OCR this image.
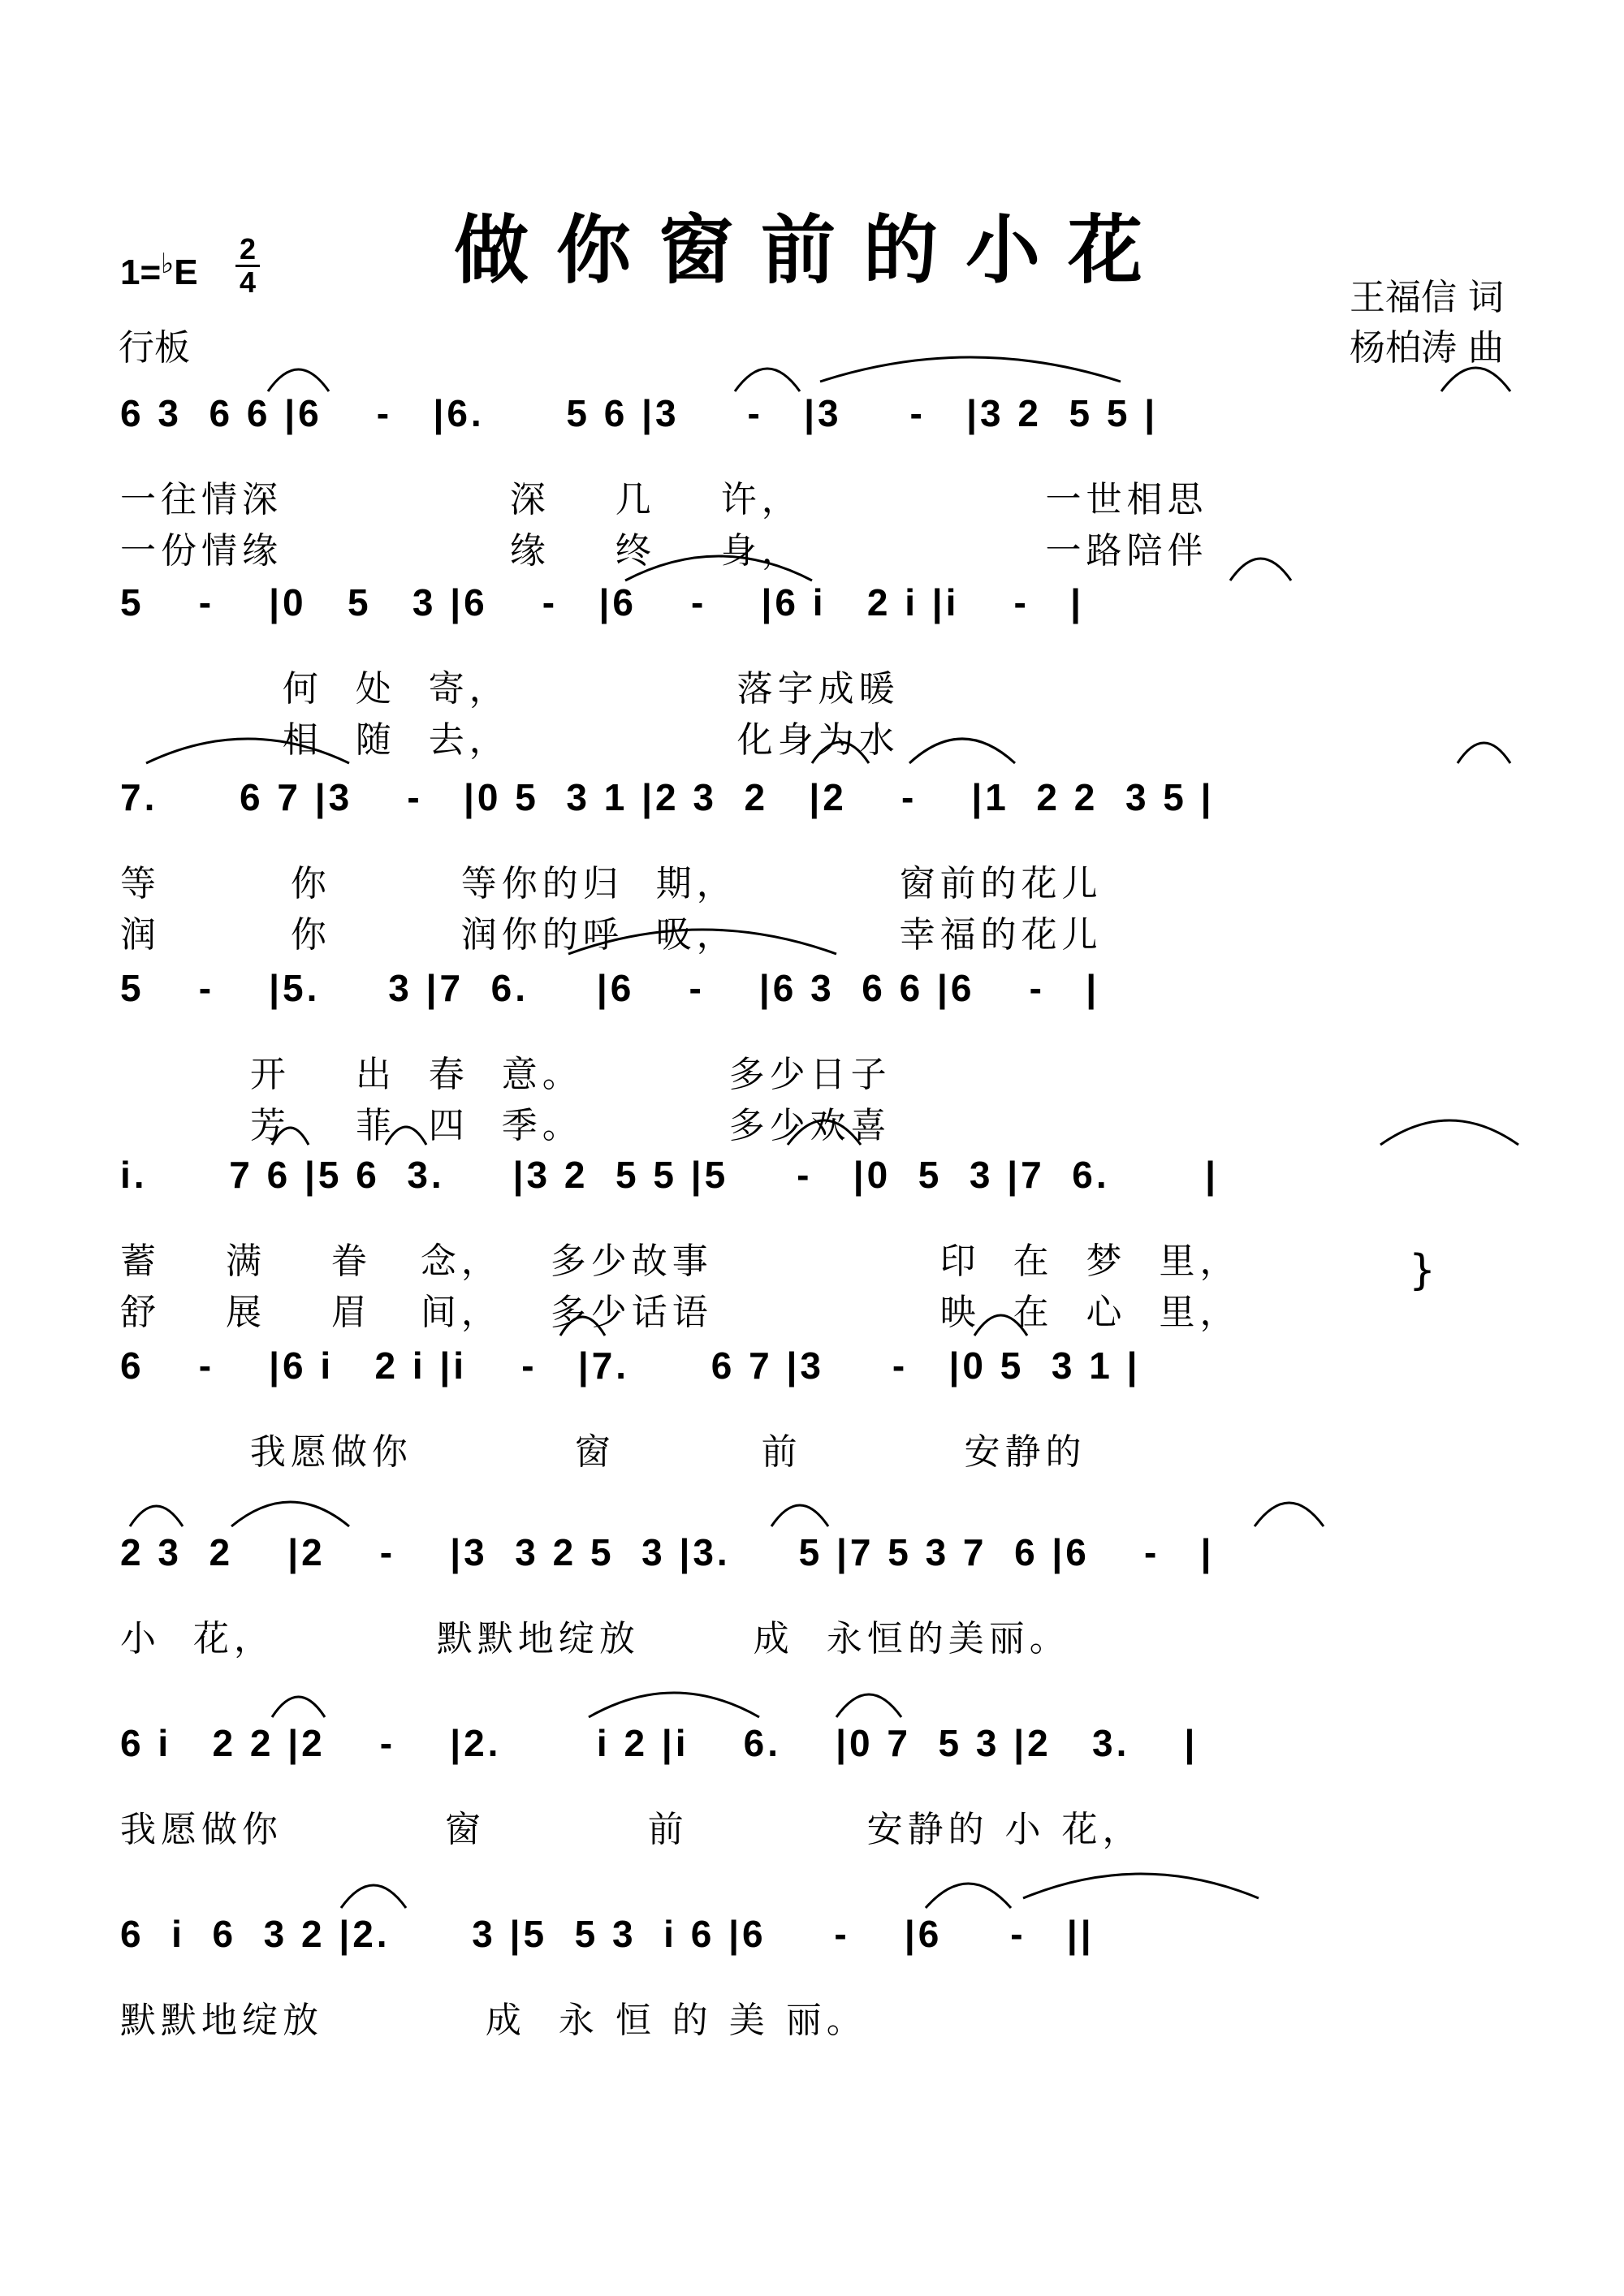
做你窗前的小花
1=♭E
2
4
行板
王福信 词
杨柏涛 曲
6 3  6 6 |6    -   |6.      5 6 |3     -   |3     -   |3 2  5 5 |
一往情深              深    几    许，               一世相思
一份情缘              缘    终    身，               一路陪伴
5    -    |0   5   3 |6    -   |6    -    |6 i   2 i |i    -   |
何  处  寄，              落字成暖
相  随  去，              化身为水
7.      6 7 |3    -   |0 5  3 1 |2 3  2   |2    -    |1  2 2  3 5 |
等        你        等你的归  期，          窗前的花儿
润        你        润你的呼  吸，          幸福的花儿
5    -    |5.     3 |7  6.     |6    -    |6 3  6 6 |6    -   |
开    出  春  意。         多少日子
芳    菲  四  季。         多少欢喜
i.      7 6 |5 6  3.     |3 2  5 5 |5     -   |0  5  3 |7  6.       |
蓄    满    眷   念，   多少故事              印  在  梦  里，
舒    展    眉   间，   多少话语              映  在  心  里，
6    -    |6 i   2 i |i    -   |7.      6 7 |3     -   |0 5  3 1 |
我愿做你          窗         前          安静的
2 3  2    |2    -    |3  3 2 5  3 |3.     5 |7 5 3 7  6 |6    -   |
小  花，          默默地绽放       成  永恒的美丽。
6 i   2 2 |2    -    |2.       i 2 |i    6.    |0 7  5 3 |2   3.    |
我愿做你          窗          前           安静的 小 花，
6  i  6  3 2 |2.      3 |5  5 3  i 6 |6     -    |6     -   ||
默默地绽放          成  永 恒 的 美 丽。
}
